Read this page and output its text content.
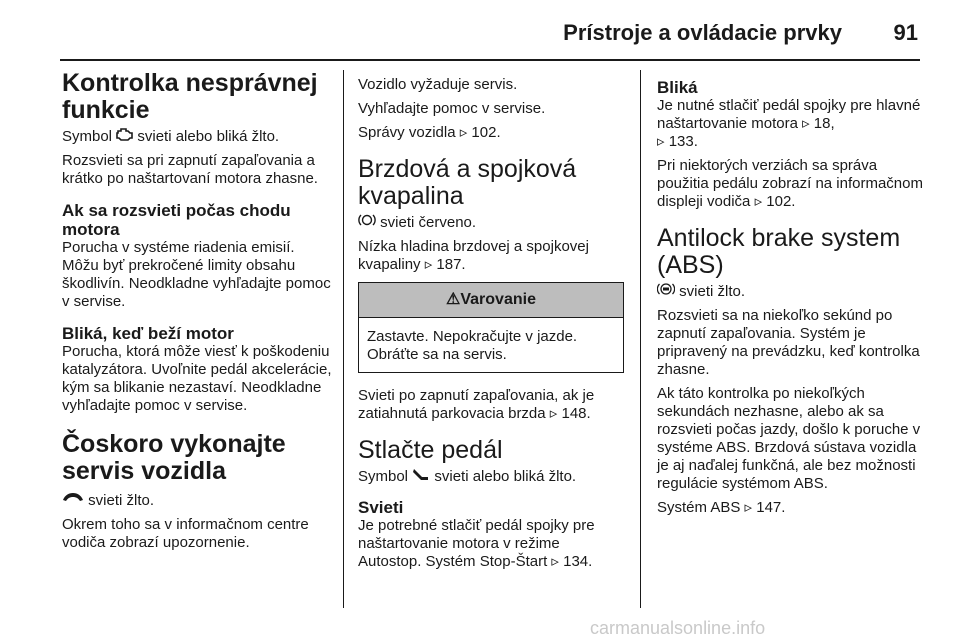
Prístroje a ovládacie prvky 91
Kontrolka nesprávnej funkcie

Symbol  svieti alebo bliká žlto.

Rozsvieti sa pri zapnutí zapaľovania a krátko po naštartovaní motora zhasne.

Ak sa rozsvieti počas chodu motora

Porucha v systéme riadenia emisií. Môžu byť prekročené limity obsahu škodlivín. Neodkladne vyhľadajte pomoc v servise.

Bliká, keď beží motor

Porucha, ktorá môže viesť k poškodeniu katalyzátora. Uvoľnite pedál akcelerácie, kým sa blikanie nezastaví. Neodkladne vyhľadajte pomoc v servise.

Čoskoro vykonajte servis vozidla

svieti žlto.

Okrem toho sa v informačnom centre vodiča zobrazí upozornenie.

Vozidlo vyžaduje servis.

Vyhľadajte pomoc v servise.

Správy vozidla ▹ 102.

Brzdová a spojková kvapalina

svieti červeno.

Nízka hladina brzdovej a spojkovej kvapaliny ▹ 187.

⚠Varovanie
Zastavte. Nepokračujte v jazde. Obráťte sa na servis.

Svieti po zapnutí zapaľovania, ak je zatiahnutá parkovacia brzda ▹ 148.

Stlačte pedál

Symbol  svieti alebo bliká žlto.

Svieti

Je potrebné stlačiť pedál spojky pre naštartovanie motora v režime Autostop. Systém Stop-Štart ▹ 134.

Bliká

Je nutné stlačiť pedál spojky pre hlavné naštartovanie motora ▹ 18,
▹ 133.

Pri niektorých verziách sa správa použitia pedálu zobrazí na informačnom displeji vodiča ▹ 102.

Antilock brake system (ABS)

svieti žlto.

Rozsvieti sa na niekoľko sekúnd po zapnutí zapaľovania. Systém je pripravený na prevádzku, keď kontrolka zhasne.

Ak táto kontrolka po niekoľkých sekundách nezhasne, alebo ak sa rozsvieti počas jazdy, došlo k poruche v systéme ABS. Brzdová sústava vozidla je aj naďalej funkčná, ale bez možnosti regulácie systémom ABS.

Systém ABS ▹ 147.

carmanualsonline.info
